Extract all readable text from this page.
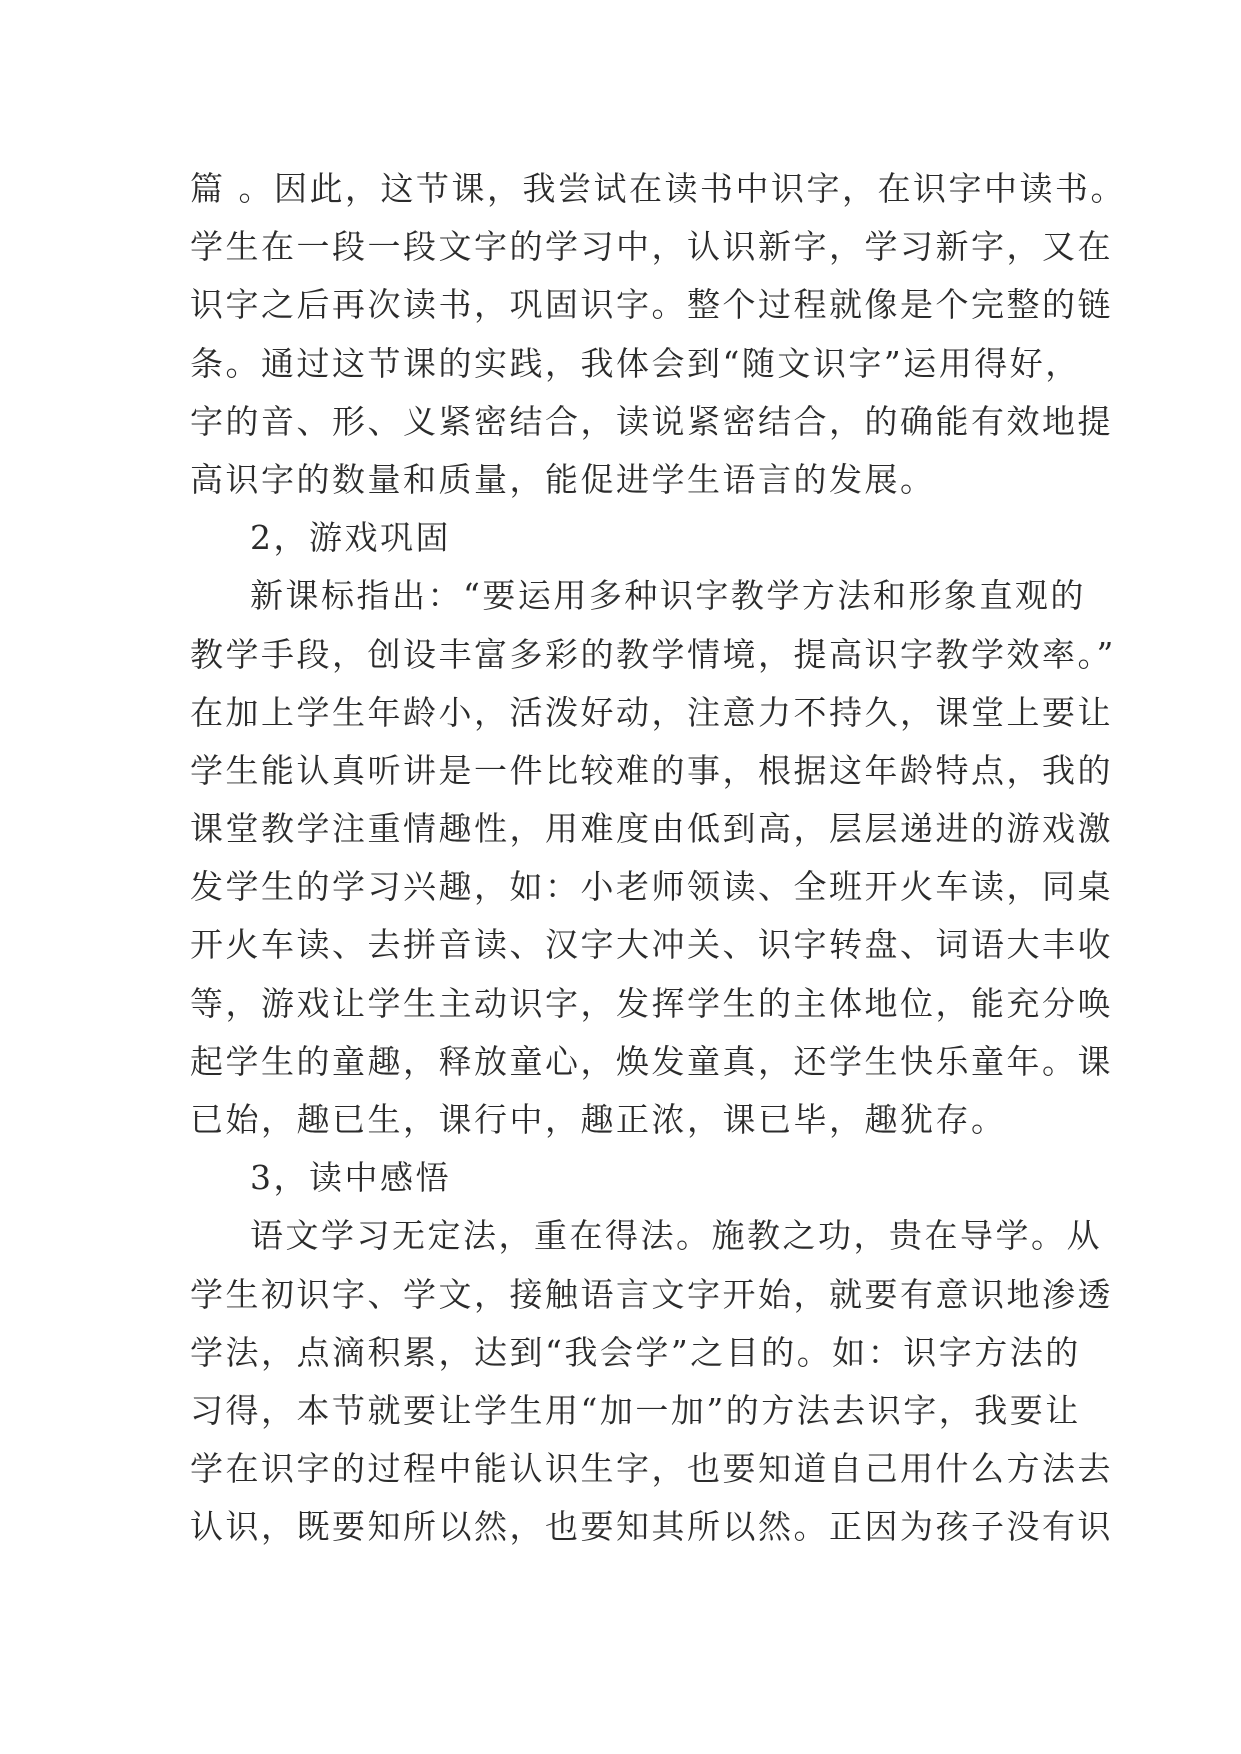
篇 。因此，这节课，我尝试在读书中识字，在识字中读书。
学生在一段一段文字的学习中，认识新字，学习新字，又在
识字之后再次读书，巩固识字。整个过程就像是个完整的链
条。通过这节课的实践，我体会到“随文识字”运用得好，
字的音、形、义紧密结合，读说紧密结合，的确能有效地提
高识字的数量和质量，能促进学生语言的发展。
2，游戏巩固
新课标指出：“要运用多种识字教学方法和形象直观的
教学手段，创设丰富多彩的教学情境，提高识字教学效率。”
在加上学生年龄小，活泼好动，注意力不持久，课堂上要让
学生能认真听讲是一件比较难的事，根据这年龄特点，我的
课堂教学注重情趣性，用难度由低到高，层层递进的游戏激
发学生的学习兴趣，如：小老师领读、全班开火车读，同桌
开火车读、去拼音读、汉字大冲关、识字转盘、词语大丰收
等，游戏让学生主动识字，发挥学生的主体地位，能充分唤
起学生的童趣，释放童心，焕发童真，还学生快乐童年。课
已始，趣已生，课行中，趣正浓，课已毕，趣犹存。
3，读中感悟
语文学习无定法，重在得法。施教之功，贵在导学。从
学生初识字、学文，接触语言文字开始，就要有意识地渗透
学法，点滴积累，达到“我会学”之目的。如：识字方法的
习得，本节就要让学生用“加一加”的方法去识字，我要让
学在识字的过程中能认识生字，也要知道自己用什么方法去
认识，既要知所以然，也要知其所以然。正因为孩子没有识
